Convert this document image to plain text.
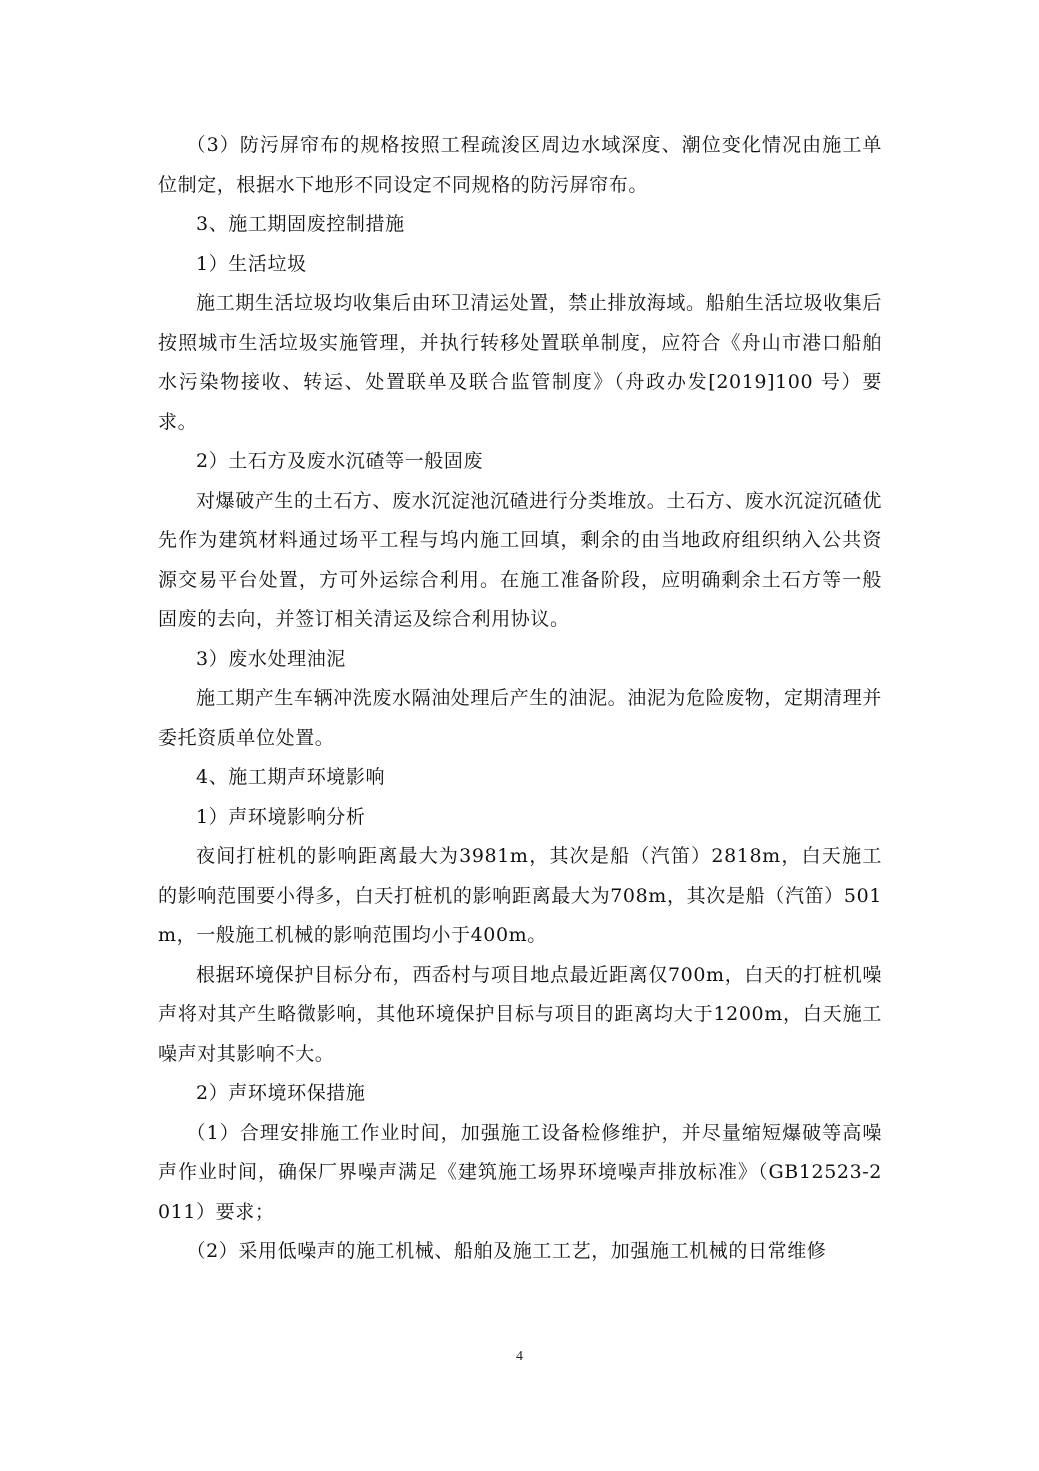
（3）防污屏帘布的规格按照工程疏浚区周边水域深度、潮位变化情况由施工单位制定，根据水下地形不同设定不同规格的防污屏帘布。

3、施工期固废控制措施

1）生活垃圾

施工期生活垃圾均收集后由环卫清运处置，禁止排放海域。船舶生活垃圾收集后按照城市生活垃圾实施管理，并执行转移处置联单制度，应符合《舟山市港口船舶水污染物接收、转运、处置联单及联合监管制度》（舟政办发[2019]100 号）要求。

2）土石方及废水沉碴等一般固废

对爆破产生的土石方、废水沉淀池沉碴进行分类堆放。土石方、废水沉淀沉碴优先作为建筑材料通过场平工程与坞内施工回填，剩余的由当地政府组织纳入公共资源交易平台处置，方可外运综合利用。在施工准备阶段，应明确剩余土石方等一般固废的去向，并签订相关清运及综合利用协议。

3）废水处理油泥

施工期产生车辆冲洗废水隔油处理后产生的油泥。油泥为危险废物，定期清理并委托资质单位处置。

4、施工期声环境影响

1）声环境影响分析

夜间打桩机的影响距离最大为3981m，其次是船（汽笛）2818m，白天施工的影响范围要小得多，白天打桩机的影响距离最大为708m，其次是船（汽笛）501m，一般施工机械的影响范围均小于400m。

根据环境保护目标分布，西岙村与项目地点最近距离仅700m，白天的打桩机噪声将对其产生略微影响，其他环境保护目标与项目的距离均大于1200m，白天施工噪声对其影响不大。

2）声环境环保措施

（1）合理安排施工作业时间，加强施工设备检修维护，并尽量缩短爆破等高噪声作业时间，确保厂界噪声满足《建筑施工场界环境噪声排放标准》（GB12523-2011）要求；

（2）采用低噪声的施工机械、船舶及施工工艺，加强施工机械的日常维修

4
